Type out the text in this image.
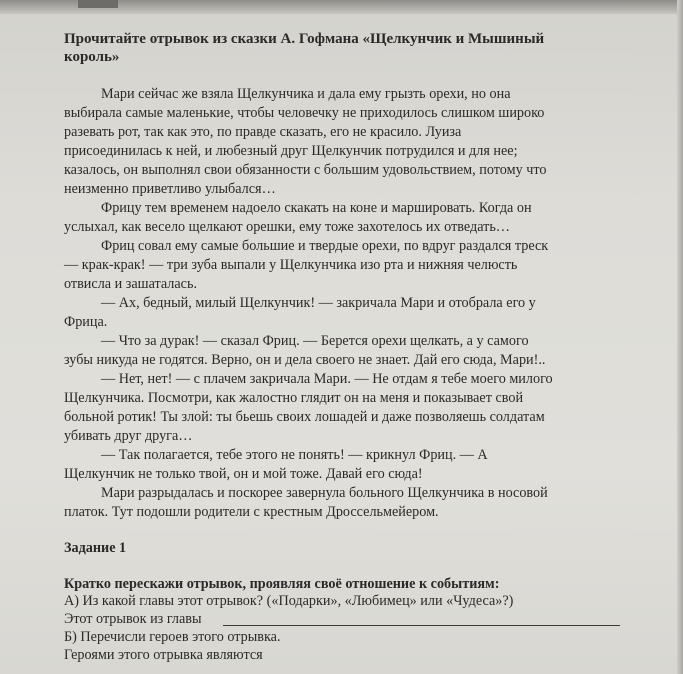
Прочитайте отрывок из сказки А. Гофмана «Щелкунчик и Мышиный
король»
Мари сейчас же взяла Щелкунчика и дала ему грызть орехи, но она
выбирала самые маленькие, чтобы человечку не приходилось слишком широко
разевать рот, так как это, по правде сказать, его не красило. Луиза
присоединилась к ней, и любезный друг Щелкунчик потрудился и для нее;
казалось, он выполнял свои обязанности с большим удовольствием, потому что
неизменно приветливо улыбался…
Фрицу тем временем надоело скакать на коне и маршировать. Когда он
услыхал, как весело щелкают орешки, ему тоже захотелось их отведать…
Фриц совал ему самые большие и твердые орехи, по вдруг раздался треск
— крак-крак! — три зуба выпали у Щелкунчика изо рта и нижняя челюсть
отвисла и зашаталась.
— Ах, бедный, милый Щелкунчик! — закричала Мари и отобрала его у
Фрица.
— Что за дурак! — сказал Фриц. — Берется орехи щелкать, а у самого
зубы никуда не годятся. Верно, он и дела своего не знает. Дай его сюда, Мари!..
— Нет, нет! — с плачем закричала Мари. — Не отдам я тебе моего милого
Щелкунчика. Посмотри, как жалостно глядит он на меня и показывает свой
больной ротик! Ты злой: ты бьешь своих лошадей и даже позволяешь солдатам
убивать друг друга…
— Так полагается, тебе этого не понять! — крикнул Фриц. — А
Щелкунчик не только твой, он и мой тоже. Давай его сюда!
Мари разрыдалась и поскорее завернула больного Щелкунчика в носовой
платок. Тут подошли родители с крестным Дроссельмейером.
Задание 1
Кратко перескажи отрывок, проявляя своё отношение к событиям:
А) Из какой главы этот отрывок? («Подарки», «Любимец» или «Чудеса»?)
Этот отрывок из главы
Б) Перечисли героев этого отрывка.
Героями этого отрывка являются
